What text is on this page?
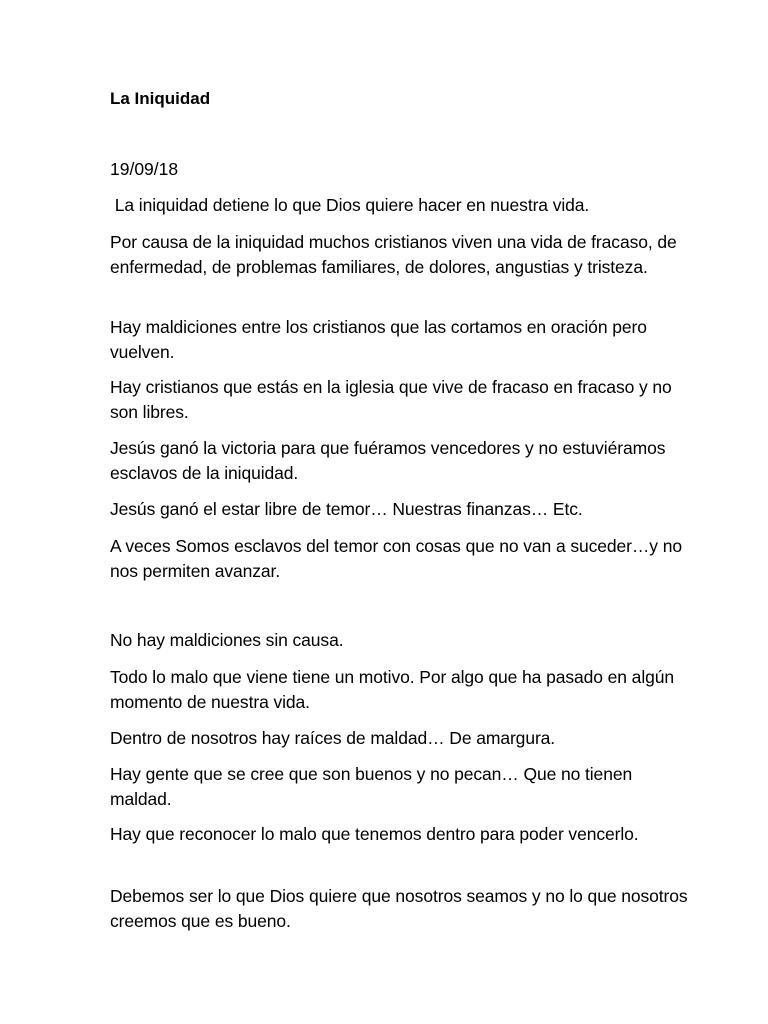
La Iniquidad
19/09/18
La iniquidad detiene lo que Dios quiere hacer en nuestra vida.
Por causa de la iniquidad muchos cristianos viven una vida de fracaso, de enfermedad, de problemas familiares, de dolores, angustias y tristeza.
Hay maldiciones entre los cristianos que las cortamos en oración pero vuelven.
Hay cristianos que estás en la iglesia que vive de fracaso en fracaso y no son libres.
Jesús ganó la victoria para que fuéramos vencedores y no estuviéramos esclavos de la iniquidad.
Jesús ganó el estar libre de temor… Nuestras finanzas… Etc.
A veces Somos esclavos del temor con cosas que no van a suceder…y no nos permiten avanzar.
No hay maldiciones sin causa.
Todo lo malo que viene tiene un motivo. Por algo que ha pasado en algún momento de nuestra vida.
Dentro de nosotros hay raíces de maldad… De amargura.
Hay gente que se cree que son buenos y no pecan… Que no tienen maldad.
Hay que reconocer lo malo que tenemos dentro para poder vencerlo.
Debemos ser lo que Dios quiere que nosotros seamos y no lo que nosotros creemos que es bueno.
